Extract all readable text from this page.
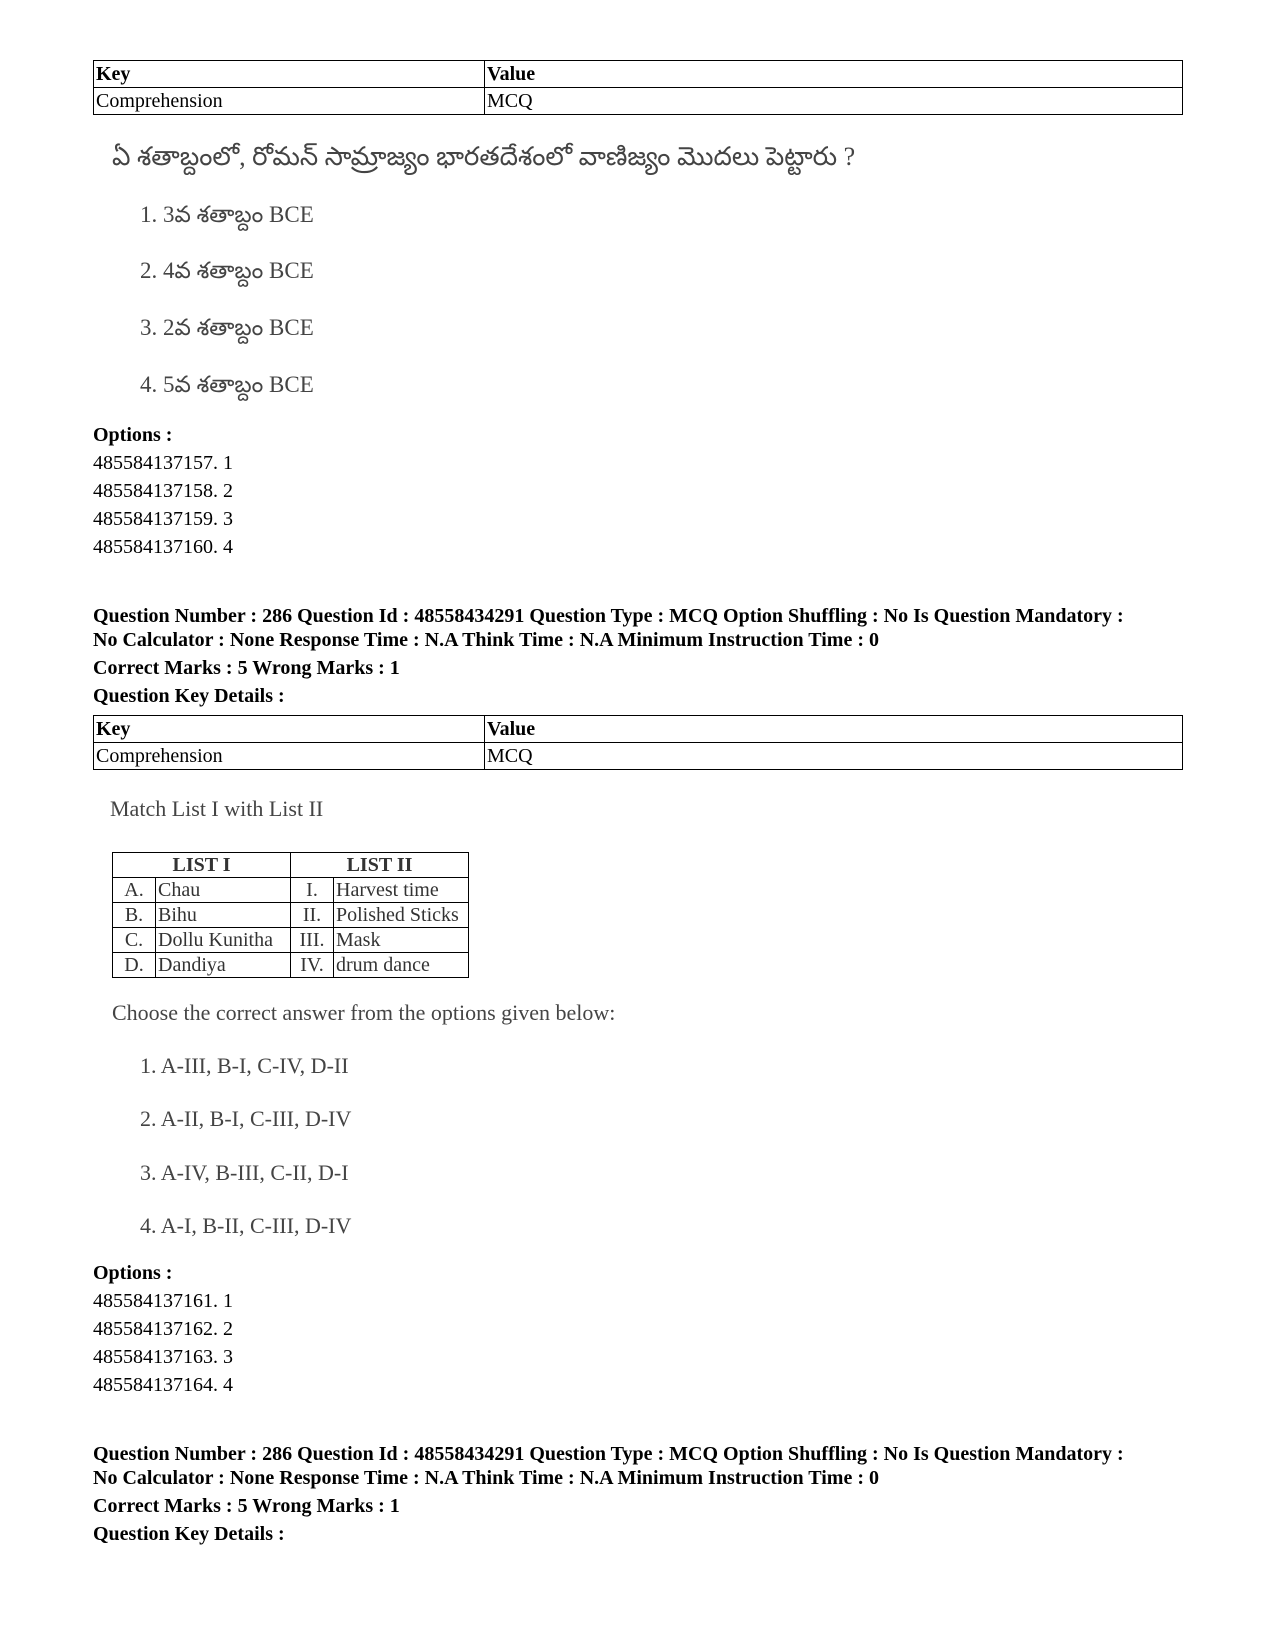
Key	Value
Comprehension	MCQ
ఏ శతాబ్దంలో, రోమన్ సామ్రాజ్యం భారతదేశంలో వాణిజ్యం మొదలు పెట్టారు ?
1. 3వ శతాబ్దం BCE
2. 4వ శతాబ్దం BCE
3. 2వ శతాబ్దం BCE
4. 5వ శతాబ్దం BCE
Options :
485584137157. 1
485584137158. 2
485584137159. 3
485584137160. 4
Question Number : 286 Question Id : 48558434291 Question Type : MCQ Option Shuffling : No Is Question Mandatory :
No Calculator : None Response Time : N.A Think Time : N.A Minimum Instruction Time : 0
Correct Marks : 5 Wrong Marks : 1
Question Key Details :
Key	Value
Comprehension	MCQ
Match List I with List II
LIST I		LIST II	
A.	Chau	I.	Harvest time
B.	Bihu	II.	Polished Sticks
C.	Dollu Kunitha	III.	Mask
D.	Dandiya	IV.	drum dance
Choose the correct answer from the options given below:
1. A-III, B-I, C-IV, D-II
2. A-II, B-I, C-III, D-IV
3. A-IV, B-III, C-II, D-I
4. A-I, B-II, C-III, D-IV
Options :
485584137161. 1
485584137162. 2
485584137163. 3
485584137164. 4
Question Number : 286 Question Id : 48558434291 Question Type : MCQ Option Shuffling : No Is Question Mandatory :
No Calculator : None Response Time : N.A Think Time : N.A Minimum Instruction Time : 0
Correct Marks : 5 Wrong Marks : 1
Question Key Details :
